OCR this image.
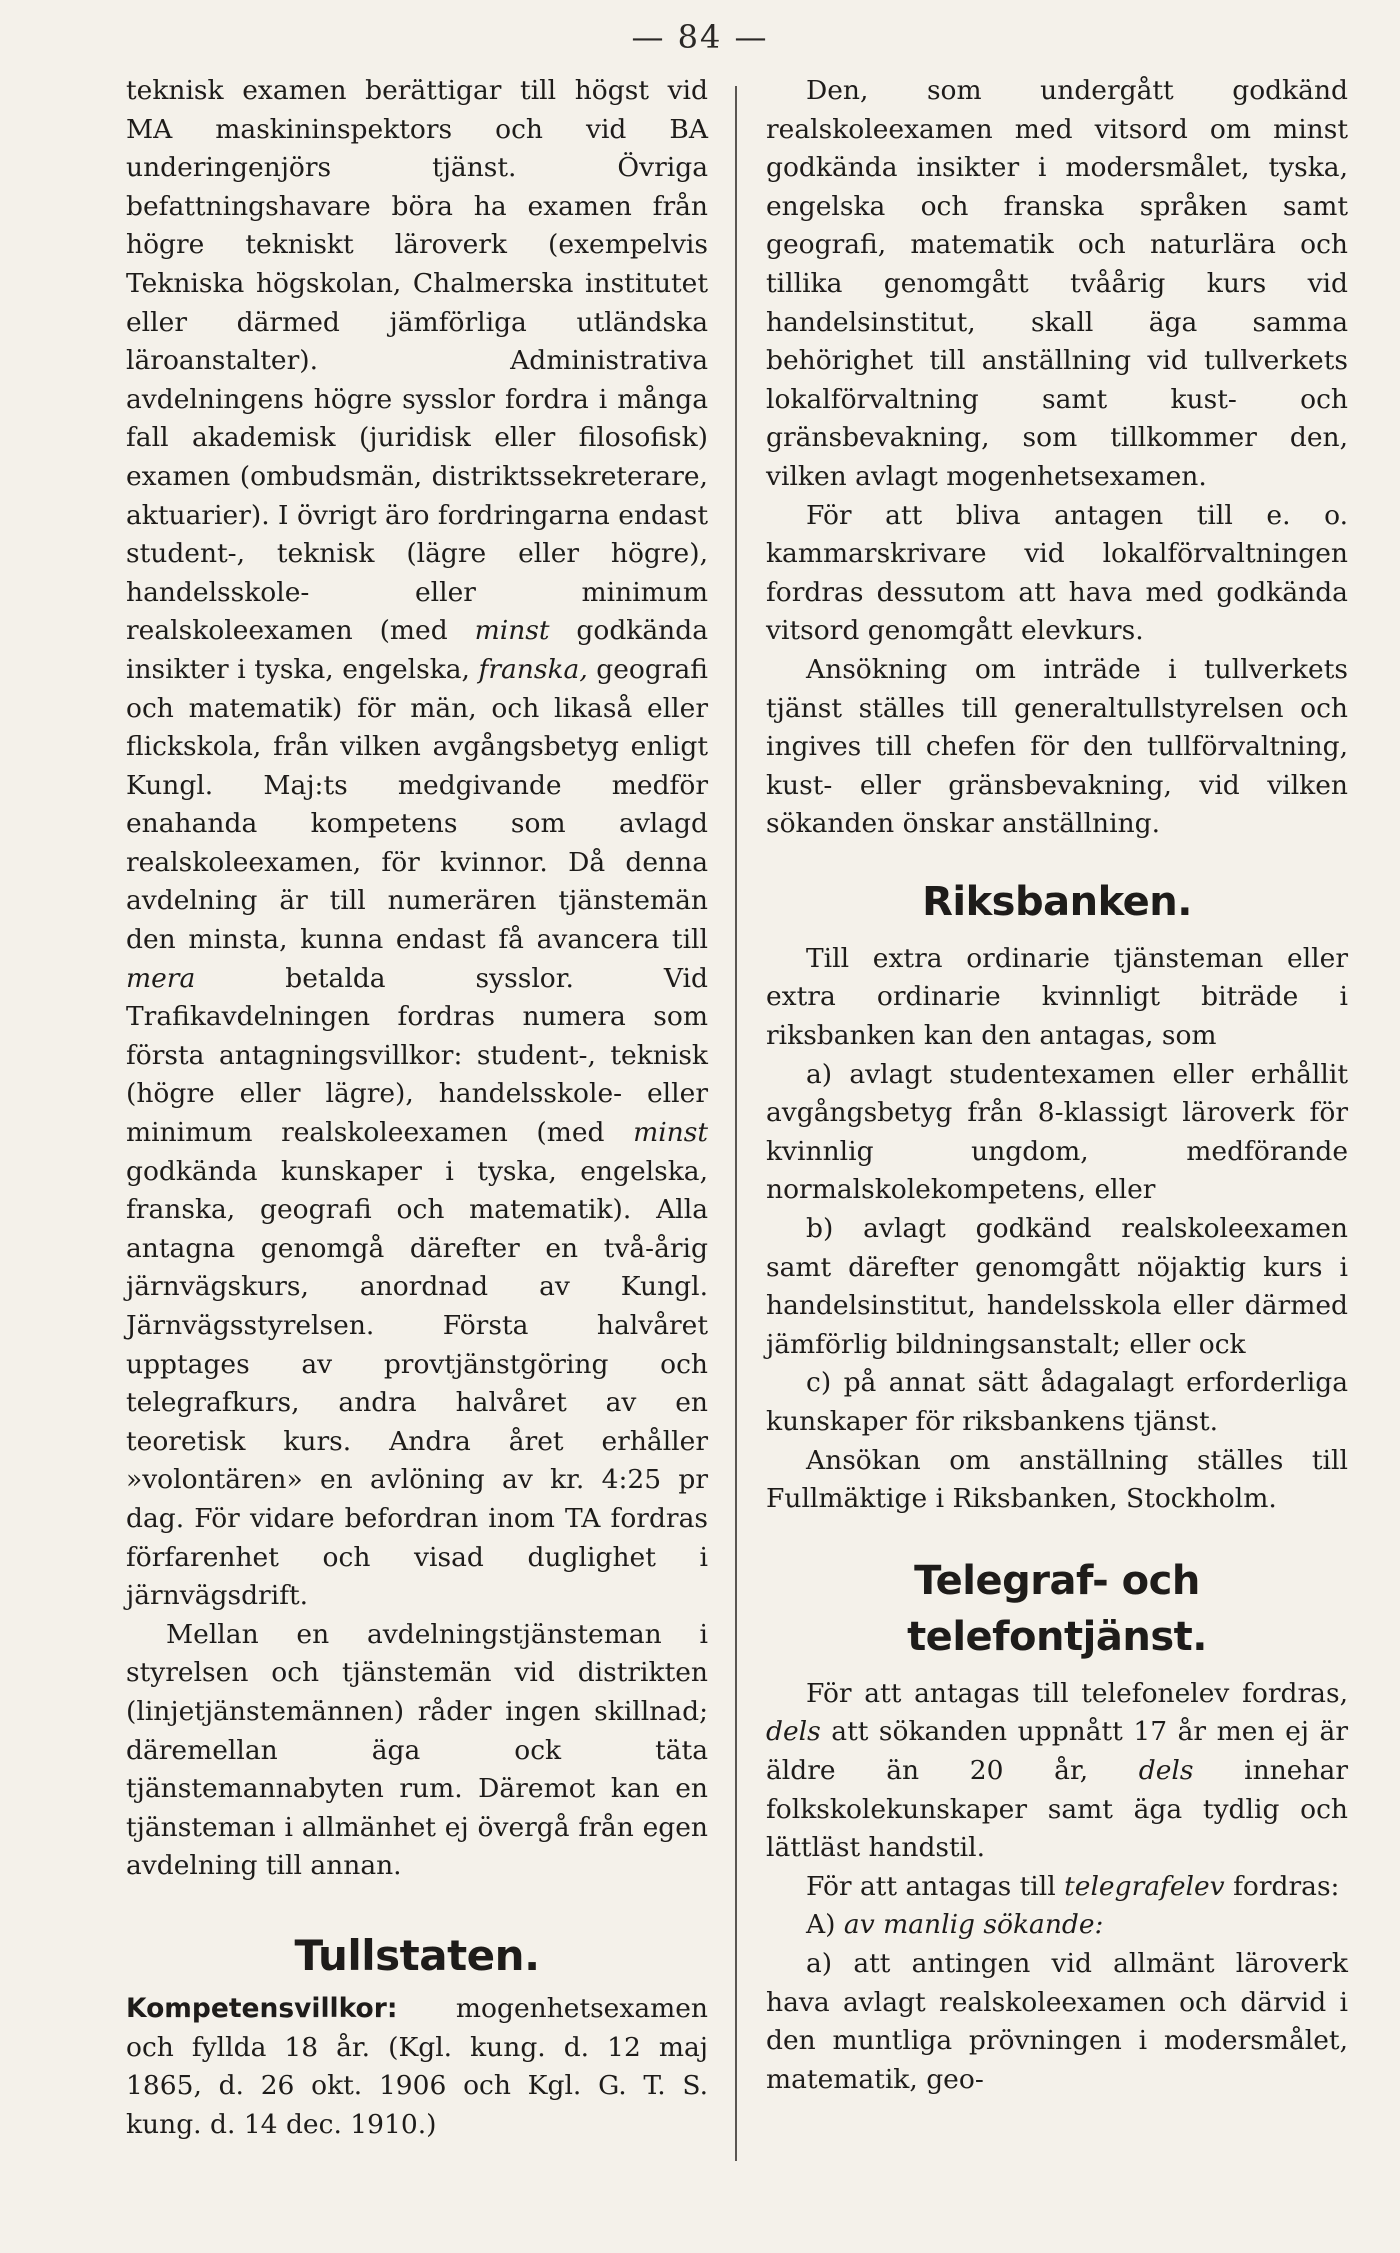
— 84 —

teknisk examen berättigar till högst vid MA maskininspektors och vid BA underingenjörs tjänst. Övriga befattningshavare böra ha examen från högre tekniskt läroverk (exempelvis Tekniska högskolan, Chalmerska institutet eller därmed jämförliga utländska läroanstalter). Administrativa avdelningens högre sysslor fordra i många fall akademisk (juridisk eller filosofisk) examen (ombudsmän, distriktssekreterare, aktuarier). I övrigt äro fordringarna endast student-, teknisk (lägre eller högre), handelsskole- eller minimum realskoleexamen (med minst godkända insikter i tyska, engelska, franska, geografi och matematik) för män, och likaså eller flickskola, från vilken avgångsbetyg enligt Kungl. Maj:ts medgivande medför enahanda kompetens som avlagd realskoleexamen, för kvinnor. Då denna avdelning är till numerären tjänstemän den minsta, kunna endast få avancera till mera betalda sysslor. Vid Trafikavdelningen fordras numera som första antagningsvillkor: student-, teknisk (högre eller lägre), handelsskole- eller minimum realskoleexamen (med minst godkända kunskaper i tyska, engelska, franska, geografi och matematik). Alla antagna genomgå därefter en två-årig järnvägskurs, anordnad av Kungl. Järnvägsstyrelsen. Första halvåret upptages av provtjänstgöring och telegrafkurs, andra halvåret av en teoretisk kurs. Andra året erhåller »volontären» en avlöning av kr. 4:25 pr dag. För vidare befordran inom TA fordras förfarenhet och visad duglighet i järnvägsdrift.

Mellan en avdelningstjänsteman i styrelsen och tjänstemän vid distrikten (linjetjänstemännen) råder ingen skillnad; däremellan äga ock täta tjänstemannabyten rum. Däremot kan en tjänsteman i allmänhet ej övergå från egen avdelning till annan.

Tullstaten.

Kompetensvillkor: mogenhetsexamen och fyllda 18 år. (Kgl. kung. d. 12 maj 1865, d. 26 okt. 1906 och Kgl. G. T. S. kung. d. 14 dec. 1910.)

Den, som undergått godkänd realskoleexamen med vitsord om minst godkända insikter i modersmålet, tyska, engelska och franska språken samt geografi, matematik och naturlära och tillika genomgått tvåårig kurs vid handelsinstitut, skall äga samma behörighet till anställning vid tullverkets lokalförvaltning samt kust- och gränsbevakning, som tillkommer den, vilken avlagt mogenhetsexamen.

För att bliva antagen till e. o. kammarskrivare vid lokalförvaltningen fordras dessutom att hava med godkända vitsord genomgått elevkurs.

Ansökning om inträde i tullverkets tjänst ställes till generaltullstyrelsen och ingives till chefen för den tullförvaltning, kust- eller gränsbevakning, vid vilken sökanden önskar anställning.

Riksbanken.

Till extra ordinarie tjänsteman eller extra ordinarie kvinnligt biträde i riksbanken kan den antagas, som

a) avlagt studentexamen eller erhållit avgångsbetyg från 8-klassigt läroverk för kvinnlig ungdom, medförande normalskolekompetens, eller

b) avlagt godkänd realskoleexamen samt därefter genomgått nöjaktig kurs i handelsinstitut, handelsskola eller därmed jämförlig bildningsanstalt; eller ock

c) på annat sätt ådagalagt erforderliga kunskaper för riksbankens tjänst.

Ansökan om anställning ställes till Fullmäktige i Riksbanken, Stockholm.

Telegraf- och telefontjänst.

För att antagas till telefonelev fordras, dels att sökanden uppnått 17 år men ej är äldre än 20 år, dels innehar folkskolekunskaper samt äga tydlig och lättläst handstil.

För att antagas till telegrafelev fordras:

A) av manlig sökande:

a) att antingen vid allmänt läroverk hava avlagt realskoleexamen och därvid i den muntliga prövningen i modersmålet, matematik, geo-
